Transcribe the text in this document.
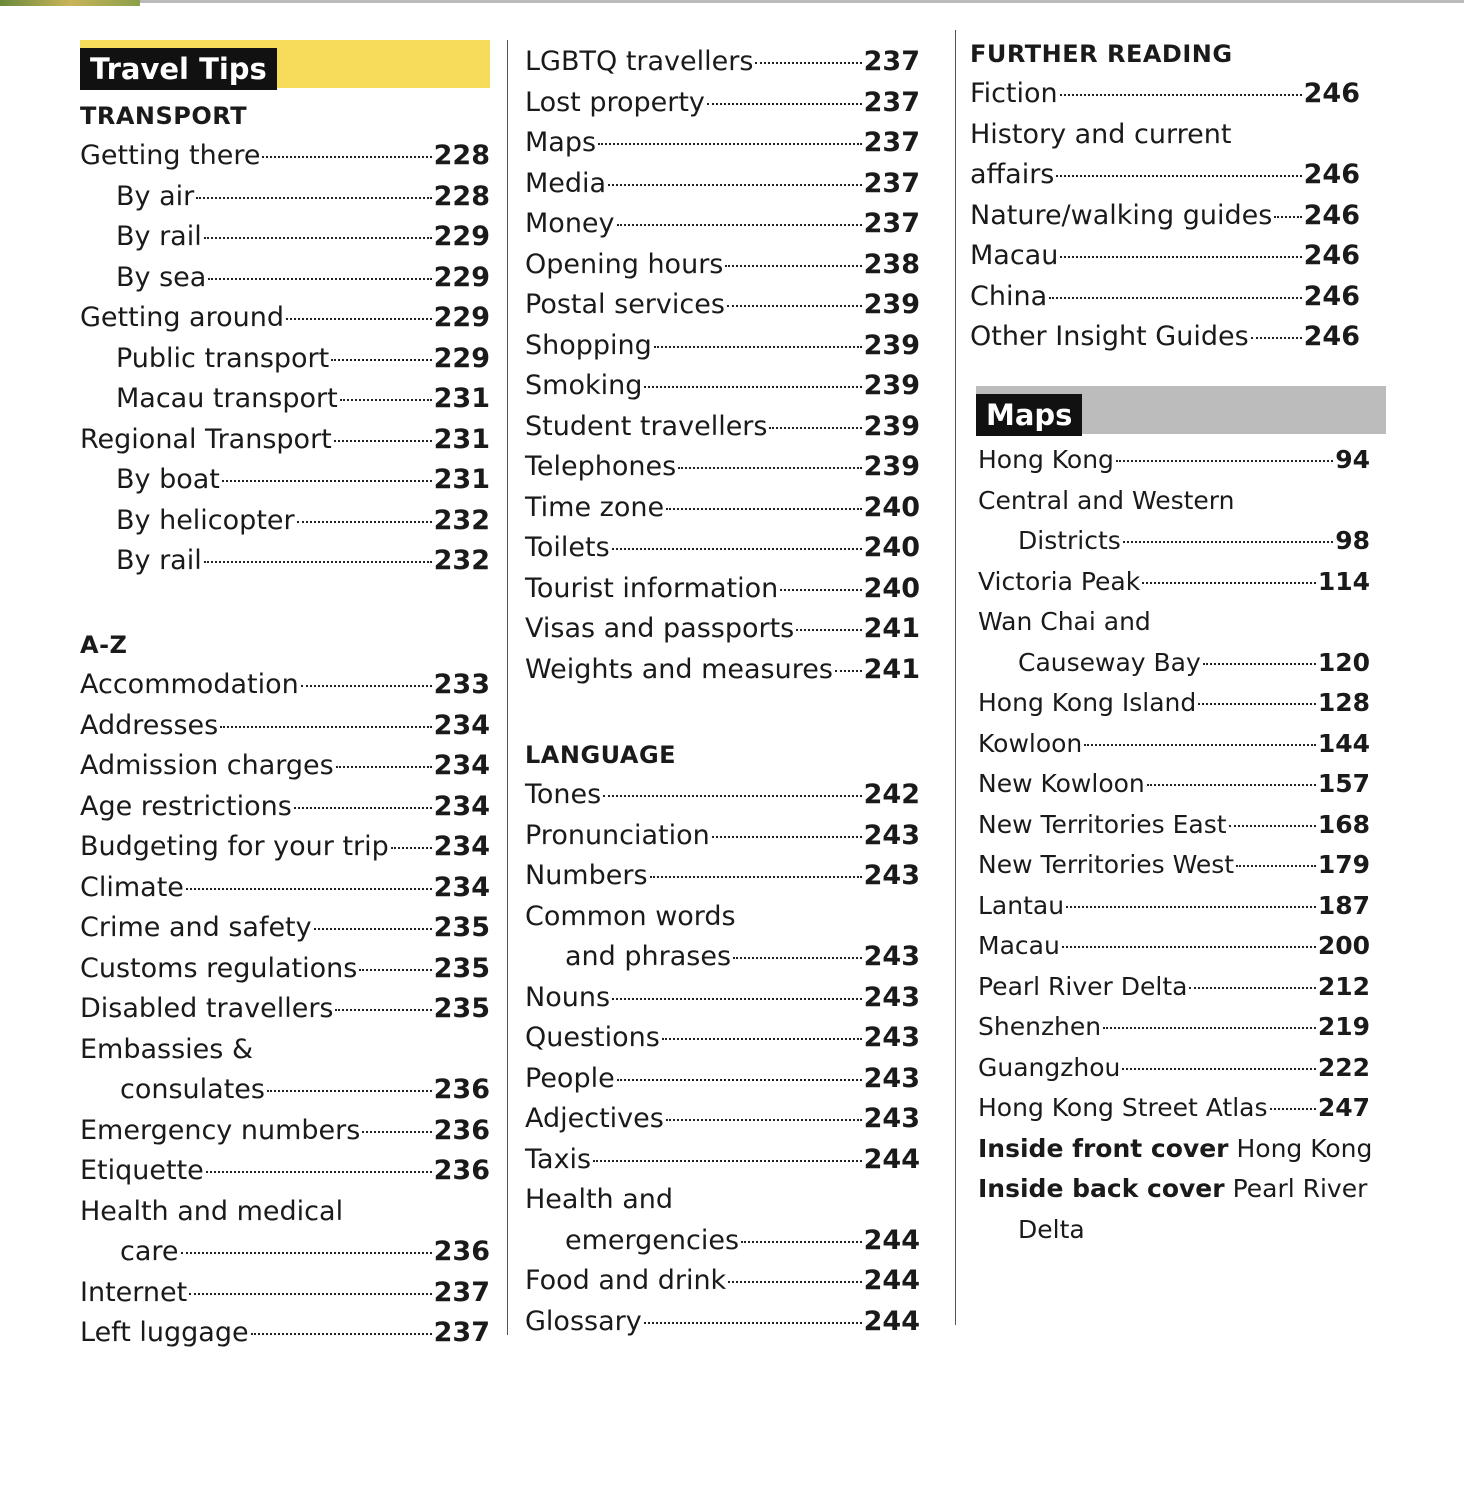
Travel Tips
TRANSPORT
Getting there	228
By air	228
By rail	229
By sea	229
Getting around	229
Public transport	229
Macau transport	231
Regional Transport	231
By boat	231
By helicopter	232
By rail	232
A-Z
Accommodation	233
Addresses	234
Admission charges	234
Age restrictions	234
Budgeting for your trip 234
Climate	234
Crime and safety	235
Customs regulations	235
Disabled travellers	235
Embassies &
consulates	236
Emergency numbers	236
Etiquette	236
Health and medical
care	236
Internet	237
Left luggage	237
LGBTQ travellers	237
Lost property	237
Maps	237
Media	237
Money	237
Opening hours	238
Postal services	239
Shopping	239
Smoking	239
Student travellers	239
Telephones	239
Time zone	240
Toilets	240
Tourist information	240
Visas and passports	241
Weights and measures 241
LANGUAGE
Tones	242
Pronunciation	243
Numbers	243
Common words
and phrases	243
Nouns	243
Questions	243
People	243
Adjectives	243
Taxis	244
Health and
emergencies	244
Food and drink	244
Glossary	244
FURTHER READING
Fiction	246
History and current
affairs	246
Nature/walking guides 246
Macau	246
China	246
Other Insight Guides 246
Maps
Hong Kong	94
Central and Western
Districts	98
Victoria Peak	114
Wan Chai and
Causeway Bay	120
Hong Kong Island	128
Kowloon	144
New Kowloon	157
New Territories East	168
New Territories West	179
Lantau	187
Macau	200
Pearl River Delta	212
Shenzhen	219
Guangzhou	222
Hong Kong Street Atlas 247
Inside front cover
Hong Kong
Inside back cover
Pearl River
Delta
